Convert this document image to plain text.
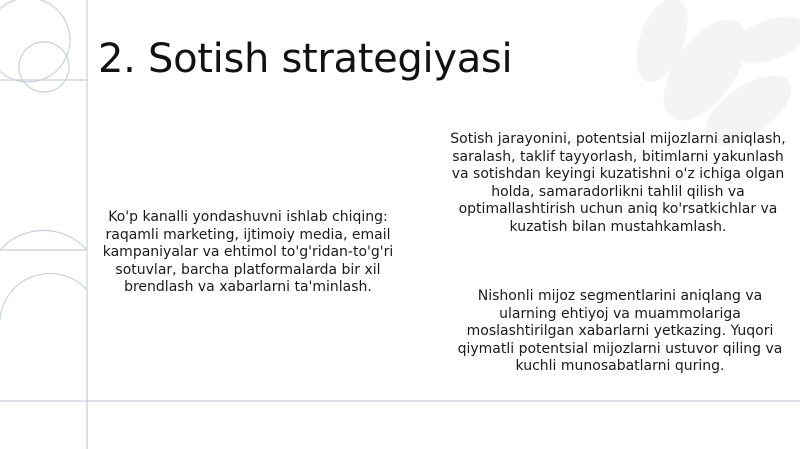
2. Sotish strategiyasi
Ko'p kanalli yondashuvni ishlab chiqing: raqamli marketing, ijtimoiy media, email kampaniyalar va ehtimol to'g'ridan-to'g'ri sotuvlar, barcha platformalarda bir xil brendlash va xabarlarni ta'minlash.
Sotish jarayonini, potentsial mijozlarni aniqlash, saralash, taklif tayyorlash, bitimlarni yakunlash va sotishdan keyingi kuzatishni o'z ichiga olgan holda, samaradorlikni tahlil qilish va optimallashtirish uchun aniq ko'rsatkichlar va kuzatish bilan mustahkamlash.
Nishonli mijoz segmentlarini aniqlang va ularning ehtiyoj va muammolariga moslashtirilgan xabarlarni yetkazing. Yuqori qiymatli potentsial mijozlarni ustuvor qiling va kuchli munosabatlarni quring.
